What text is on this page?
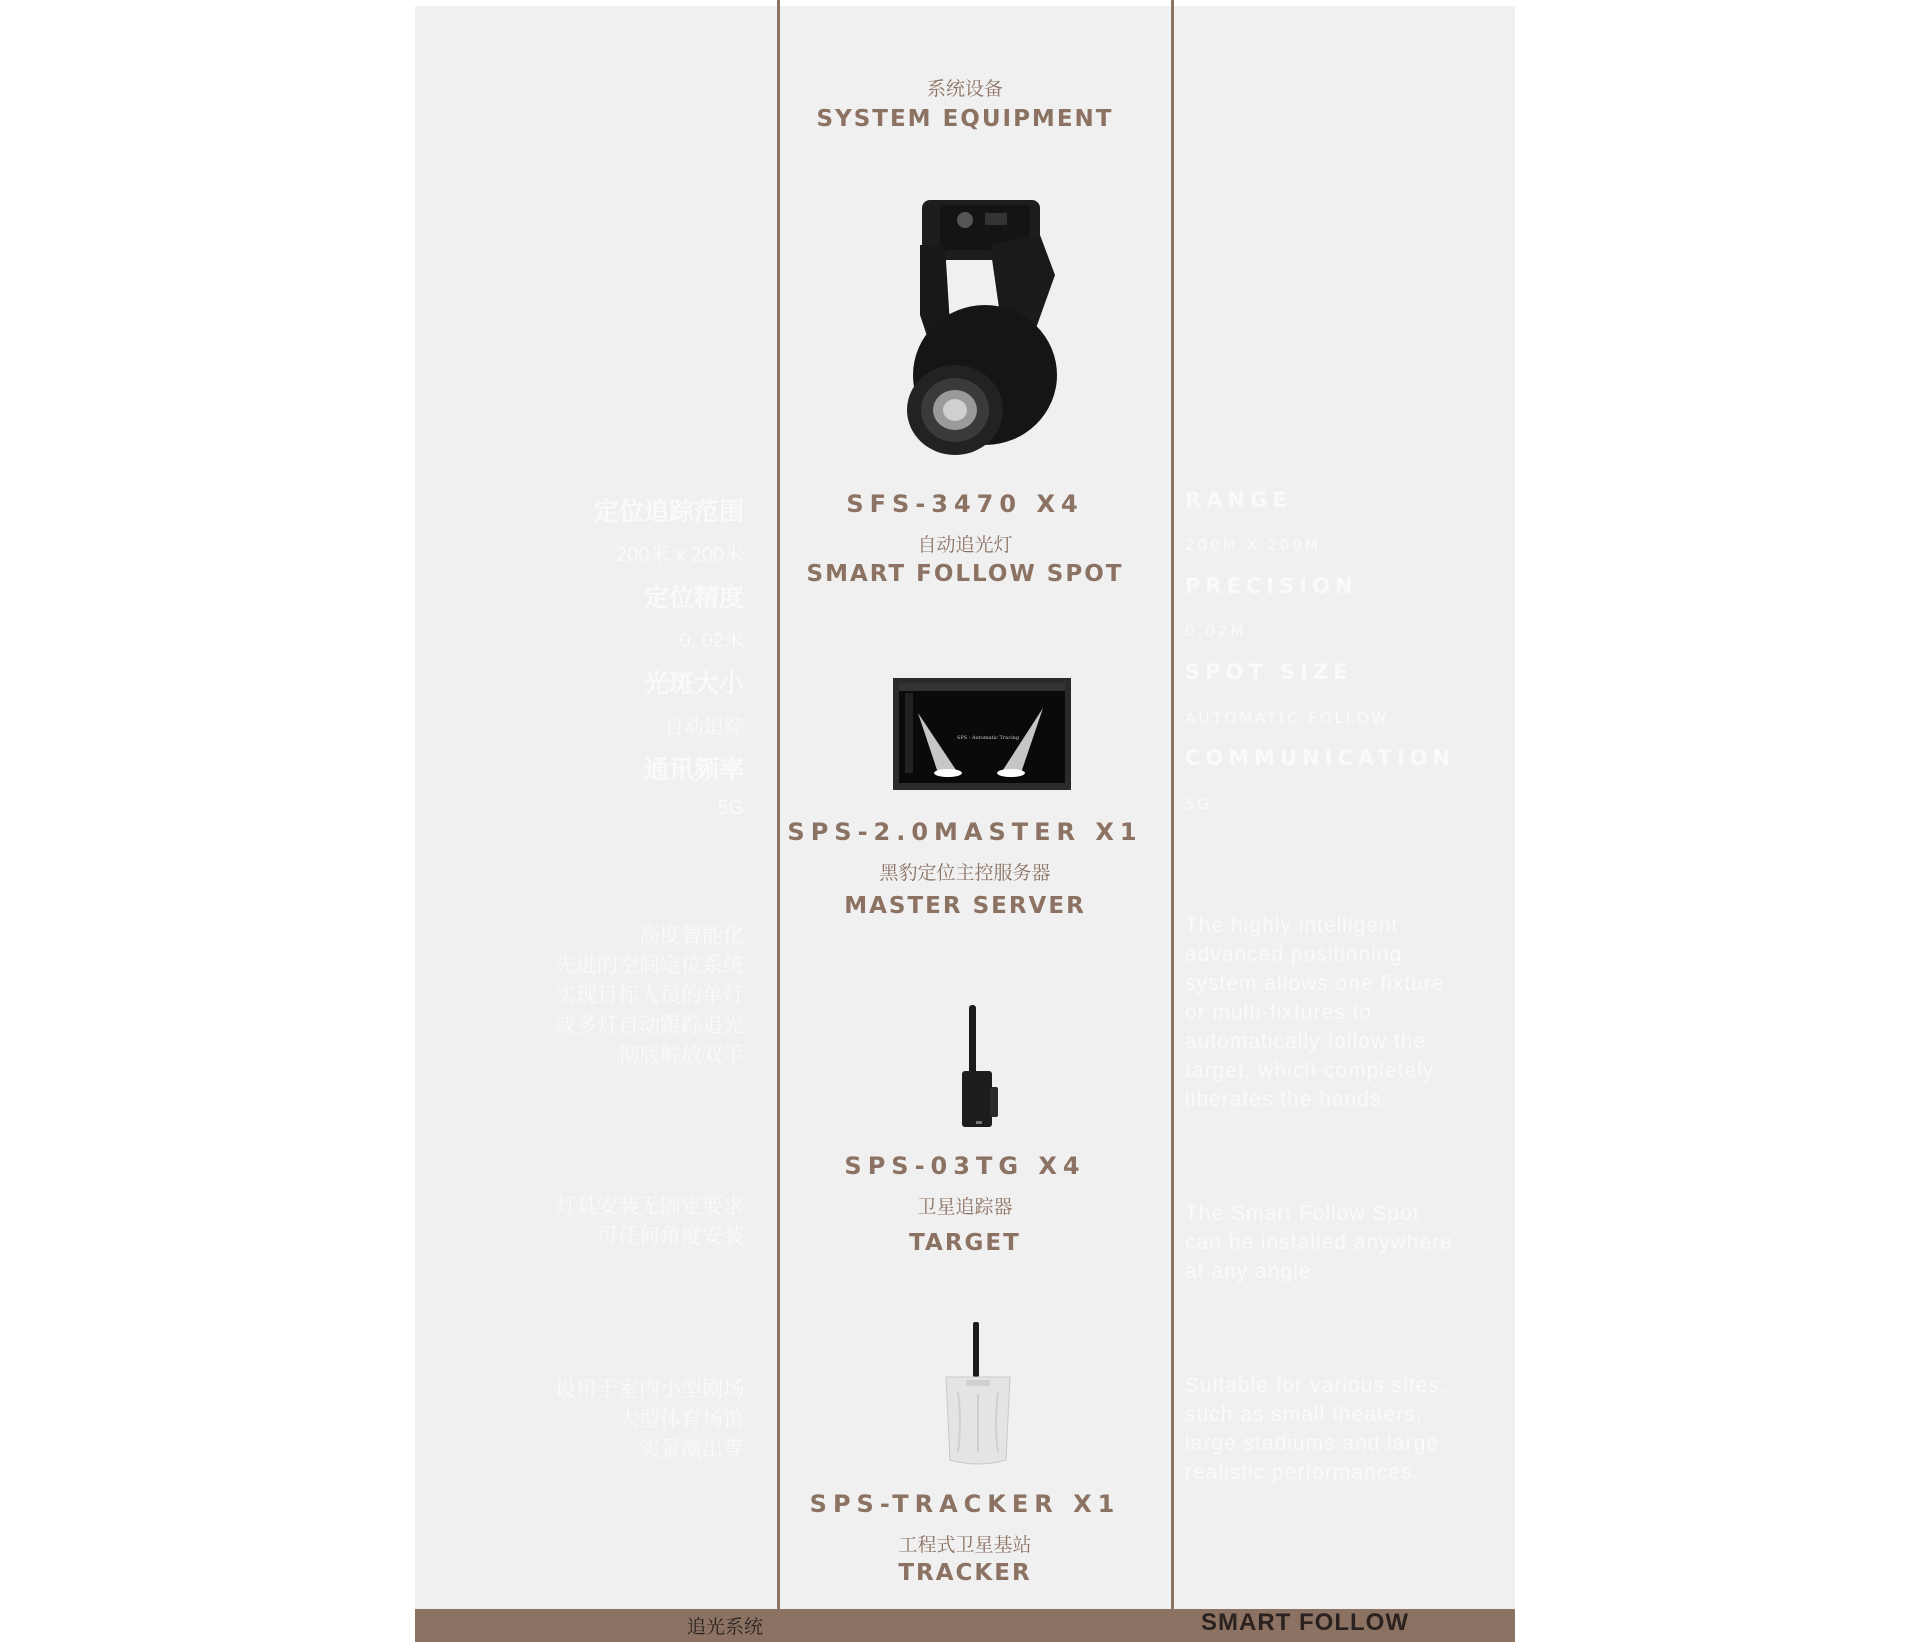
系统设备
SYSTEM EQUIPMENT
SFS-3470 X4
自动追光灯
SMART FOLLOW SPOT
SPS - Automatic Tracing
SPS-2.0MASTER X1
黑豹定位主控服务器
MASTER SERVER
SPS-03TG X4
卫星追踪器
TARGET
SPS-TRACKER X1
工程式卫星基站
TRACKER
定位追踪范围
200米 x 200米
定位精度
0. 02米
光斑大小
自动追踪
通讯频率
5G
RANGE
200M X 200M
PRECISION
0.02M
SPOT SIZE
AUTOMATIC FOLLOW
COMMUNICATION
5G
高度智能化
先进的空间定位系统
实现目标人员的单灯
或多灯自动跟踪追光
彻底解放双手
灯具安装无固定要求
可任何角度安装
设用于室内小型剧场
大型体育场馆
实景演出等
The highly intelligent
advanced positioning
system allows one fixture
or multi-fixtures to
automatically follow the
target, which completely
liberates the hands.
The Smart Follow Spot
can be installed anywhere
at any angle
Suitable for various sites,
such as small theaters,
large stadiums and large
realistic performances.
追光系统	SMART FOLLOW
